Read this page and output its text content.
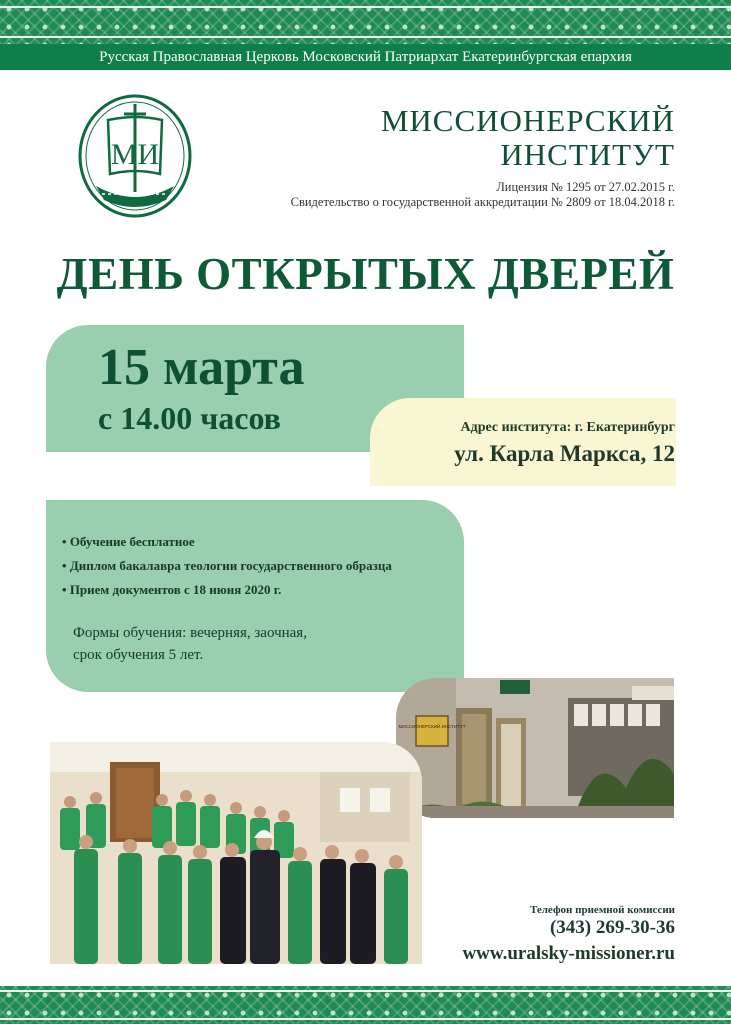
Русская Православная Церковь Московский Патриархат Екатеринбургская епархия
МИ
МИССИОНЕРСКИЙ
ИНСТИТУТ
Лицензия № 1295 от 27.02.2015 г.
Свидетельство о государственной аккредитации № 2809 от 18.04.2018 г.
ДЕНЬ ОТКРЫТЫХ ДВЕРЕЙ
15 марта
с 14.00 часов	Адрес института: г. Екатеринбург
ул. Карла Маркса, 12
• Обучение бесплатное
• Диплом бакалавра теологии государственного образца
• Прием документов с 18 июня 2020 г.
Формы обучения: вечерняя, заочная, срок обучения 5 лет.
МИССИОНЕРСКИЙ ИНСТИТУТ
Телефон приемной комиссии
(343) 269-30-36
www.uralsky-missioner.ru
